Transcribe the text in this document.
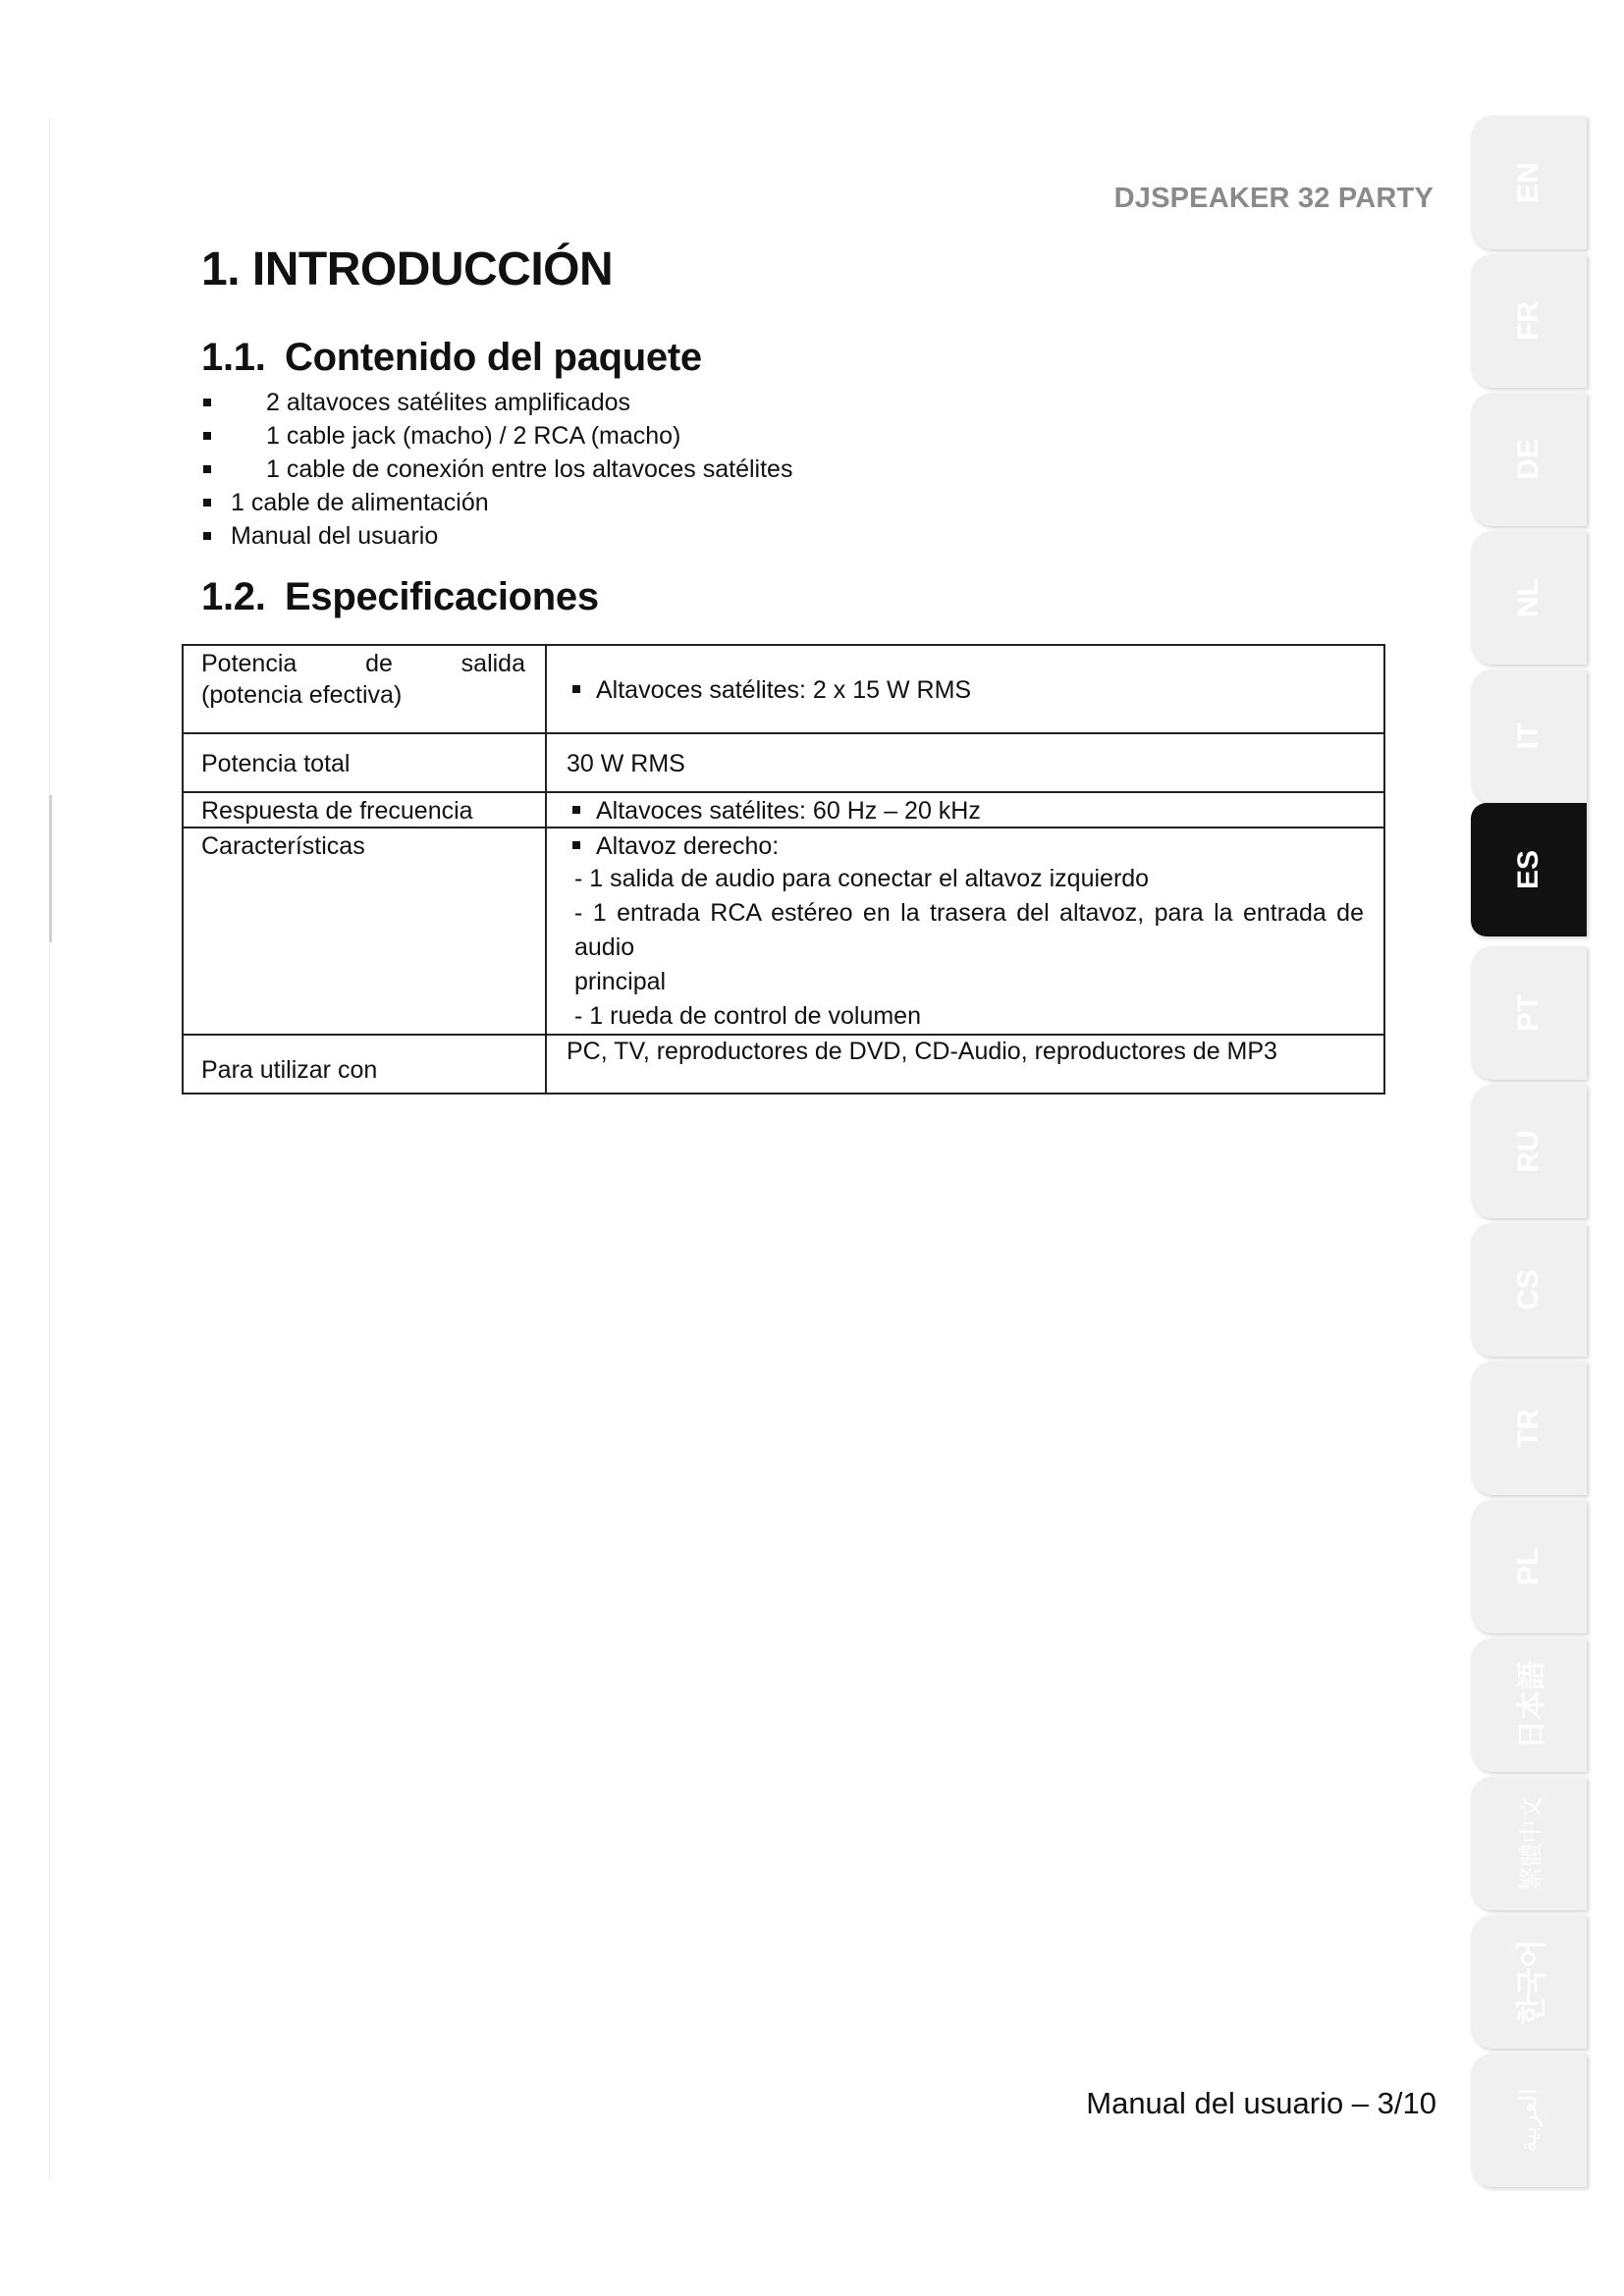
DJSPEAKER 32 PARTY
1. INTRODUCCIÓN
1.1. Contenido del paquete
2 altavoces satélites amplificados
1 cable jack (macho) / 2 RCA (macho)
1 cable de conexión entre los altavoces satélites
1 cable de alimentación
Manual del usuario
1.2. Especificaciones
Potencia de salida
(potencia efectiva)	Altavoces satélites: 2 x 15 W RMS
Potencia total	30 W RMS
Respuesta de frecuencia	Altavoces satélites: 60 Hz – 20 kHz
Características	Altavoz derecho:
- 1 salida de audio para conectar el altavoz izquierdo
- 1 entrada RCA estéreo en la trasera del altavoz, para la entrada de audio
principal
- 1 rueda de control de volumen

Para utilizar con	PC, TV, reproductores de DVD, CD-Audio, reproductores de MP3
Manual del usuario – 3/10
EN
FR
DE
NL
IT
ES
PT
RU
CS
TR
PL
日本語
繁體中文
한국어
العربية
